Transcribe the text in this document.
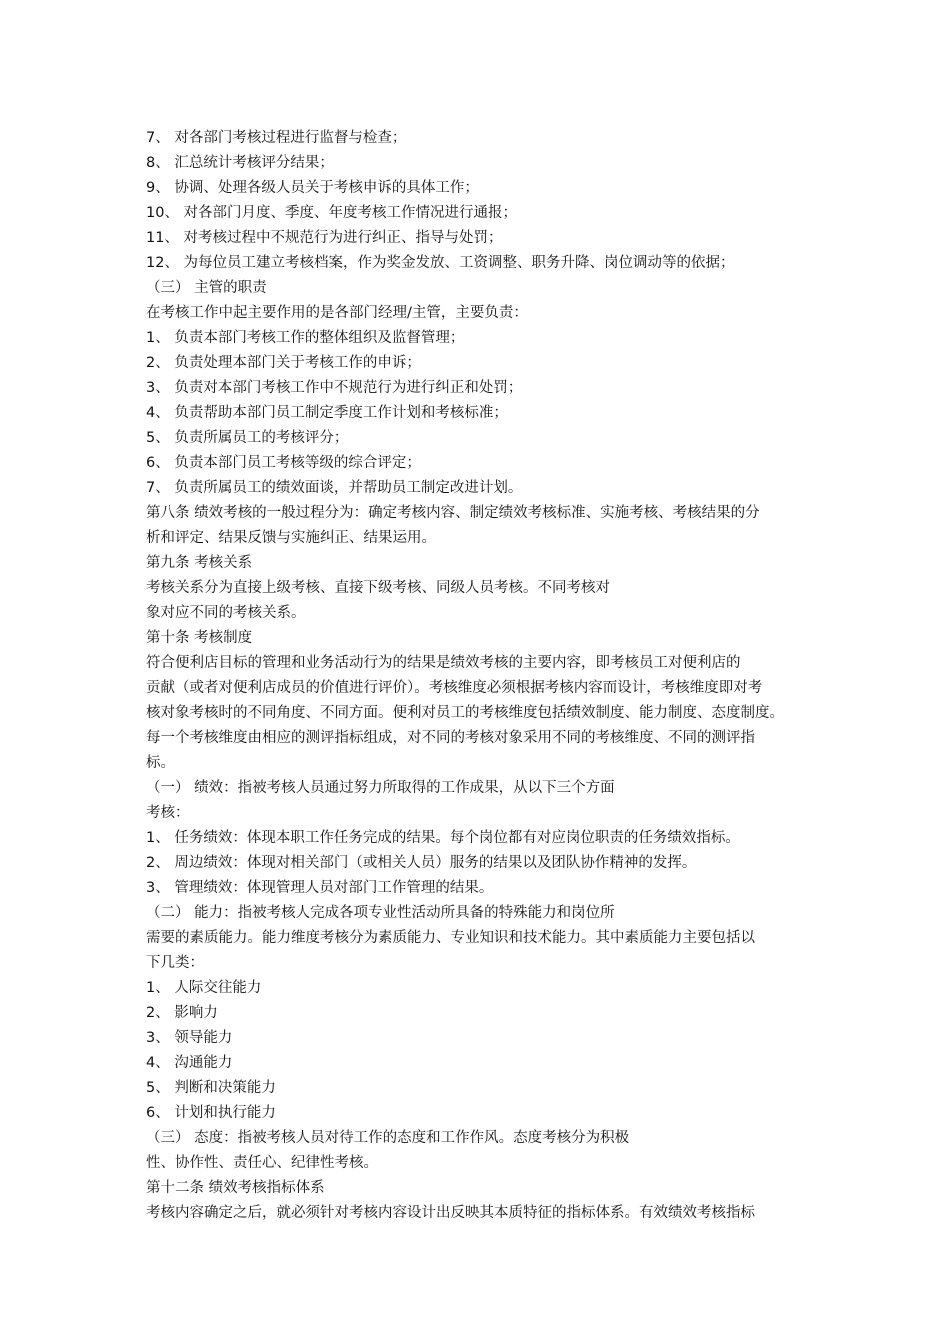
7、 对各部门考核过程进行监督与检查；
8、 汇总统计考核评分结果；
9、 协调、处理各级人员关于考核申诉的具体工作；
10、 对各部门月度、季度、年度考核工作情况进行通报；
11、 对考核过程中不规范行为进行纠正、指导与处罚；
12、 为每位员工建立考核档案，作为奖金发放、工资调整、职务升降、岗位调动等的依据；
（三） 主管的职责
在考核工作中起主要作用的是各部门经理/主管，主要负责：
1、 负责本部门考核工作的整体组织及监督管理；
2、 负责处理本部门关于考核工作的申诉；
3、 负责对本部门考核工作中不规范行为进行纠正和处罚；
4、 负责帮助本部门员工制定季度工作计划和考核标准；
5、 负责所属员工的考核评分；
6、 负责本部门员工考核等级的综合评定；
7、 负责所属员工的绩效面谈，并帮助员工制定改进计划。
第八条 绩效考核的一般过程分为：确定考核内容、制定绩效考核标准、实施考核、考核结果的分
析和评定、结果反馈与实施纠正、结果运用。
第九条 考核关系
考核关系分为直接上级考核、直接下级考核、同级人员考核。不同考核对
象对应不同的考核关系。
第十条 考核制度
符合便利店目标的管理和业务活动行为的结果是绩效考核的主要内容，即考核员工对便利店的
贡献（或者对便利店成员的价值进行评价）。考核维度必须根据考核内容而设计，考核维度即对考
核对象考核时的不同角度、不同方面。便利对员工的考核维度包括绩效制度、能力制度、态度制度。
每一个考核维度由相应的测评指标组成，对不同的考核对象采用不同的考核维度、不同的测评指
标。
（一） 绩效：指被考核人员通过努力所取得的工作成果，从以下三个方面
考核：
1、 任务绩效：体现本职工作任务完成的结果。每个岗位都有对应岗位职责的任务绩效指标。
2、 周边绩效：体现对相关部门（或相关人员）服务的结果以及团队协作精神的发挥。
3、 管理绩效：体现管理人员对部门工作管理的结果。
（二） 能力：指被考核人完成各项专业性活动所具备的特殊能力和岗位所
需要的素质能力。能力维度考核分为素质能力、专业知识和技术能力。其中素质能力主要包括以
下几类：
1、 人际交往能力
2、 影响力
3、 领导能力
4、 沟通能力
5、 判断和决策能力
6、 计划和执行能力
（三） 态度：指被考核人员对待工作的态度和工作作风。态度考核分为积极
性、协作性、责任心、纪律性考核。
第十二条 绩效考核指标体系
考核内容确定之后，就必须针对考核内容设计出反映其本质特征的指标体系。有效绩效考核指标
